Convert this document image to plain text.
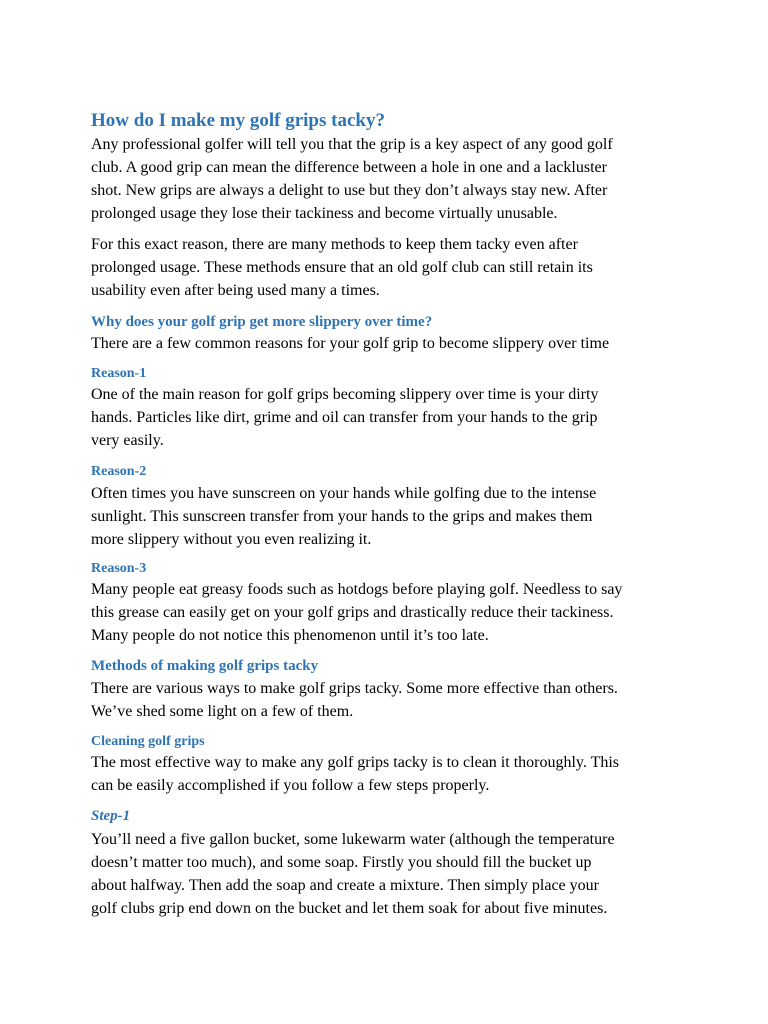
How do I make my golf grips tacky?

Any professional golfer will tell you that the grip is a key aspect of any good golf
club. A good grip can mean the difference between a hole in one and a lackluster
shot. New grips are always a delight to use but they don’t always stay new. After
prolonged usage they lose their tackiness and become virtually unusable.

For this exact reason, there are many methods to keep them tacky even after
prolonged usage. These methods ensure that an old golf club can still retain its
usability even after being used many a times.

Why does your golf grip get more slippery over time?

There are a few common reasons for your golf grip to become slippery over time

Reason-1

One of the main reason for golf grips becoming slippery over time is your dirty
hands. Particles like dirt, grime and oil can transfer from your hands to the grip
very easily.

Reason-2

Often times you have sunscreen on your hands while golfing due to the intense
sunlight. This sunscreen transfer from your hands to the grips and makes them
more slippery without you even realizing it.

Reason-3

Many people eat greasy foods such as hotdogs before playing golf. Needless to say
this grease can easily get on your golf grips and drastically reduce their tackiness.
Many people do not notice this phenomenon until it’s too late.

Methods of making golf grips tacky

There are various ways to make golf grips tacky. Some more effective than others.
We’ve shed some light on a few of them.

Cleaning golf grips

The most effective way to make any golf grips tacky is to clean it thoroughly. This
can be easily accomplished if you follow a few steps properly.

Step-1

You’ll need a five gallon bucket, some lukewarm water (although the temperature
doesn’t matter too much), and some soap. Firstly you should fill the bucket up
about halfway. Then add the soap and create a mixture. Then simply place your
golf clubs grip end down on the bucket and let them soak for about five minutes.
